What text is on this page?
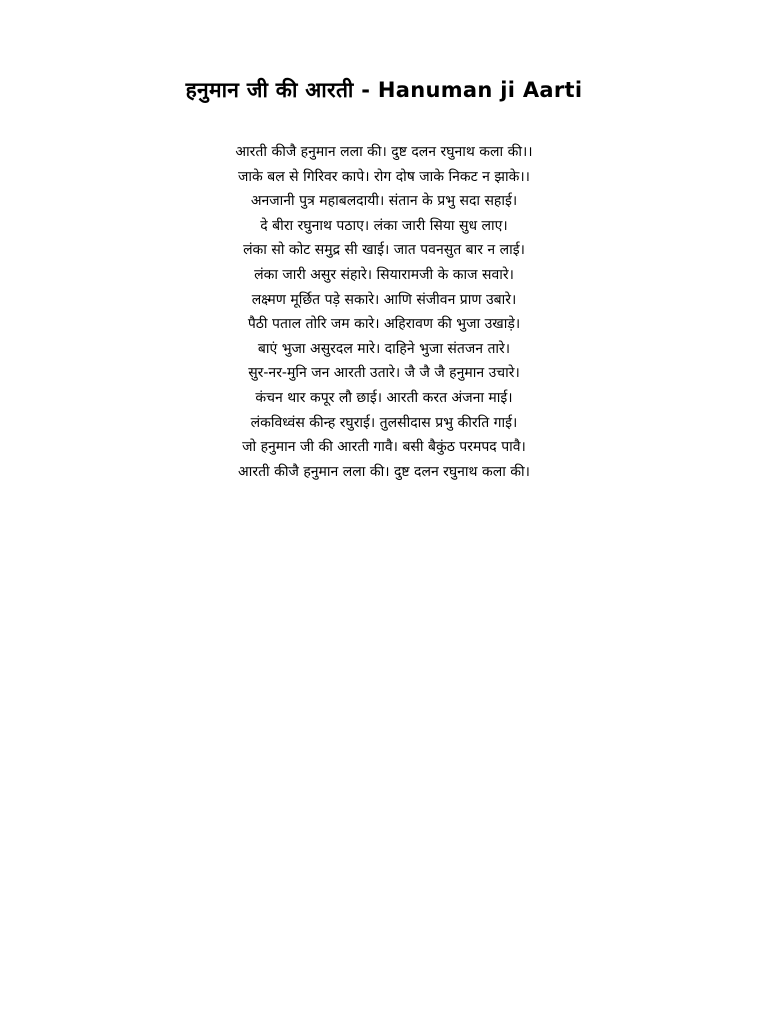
हनुमान जी की आरती - Hanuman ji Aarti
आरती कीजै हनुमान लला की। दुष्ट दलन रघुनाथ कला की।।
जाके बल से गिरिवर कापे। रोग दोष जाके निकट न झाके।।
अनजानी पुत्र महाबलदायी। संतान के प्रभु सदा सहाई।
दे बीरा रघुनाथ पठाए। लंका जारी सिया सुध लाए।
लंका सो कोट समुद्र सी खाई। जात पवनसुत बार न लाई।
लंका जारी असुर संहारे। सियारामजी के काज सवारे।
लक्ष्मण मूर्छित पड़े सकारे। आणि संजीवन प्राण उबारे।
पैठी पताल तोरि जम कारे। अहिरावण की भुजा उखाड़े।
बाएं भुजा असुरदल मारे। दाहिने भुजा संतजन तारे।
सुर-नर-मुनि जन आरती उतारे। जै जै जै हनुमान उचारे।
कंचन थार कपूर लौ छाई। आरती करत अंजना माई।
लंकविध्वंस कीन्ह रघुराई। तुलसीदास प्रभु कीरति गाई।
जो हनुमान जी की आरती गावै। बसी बैकुंठ परमपद पावै।
आरती कीजै हनुमान लला की। दुष्ट दलन रघुनाथ कला की।
